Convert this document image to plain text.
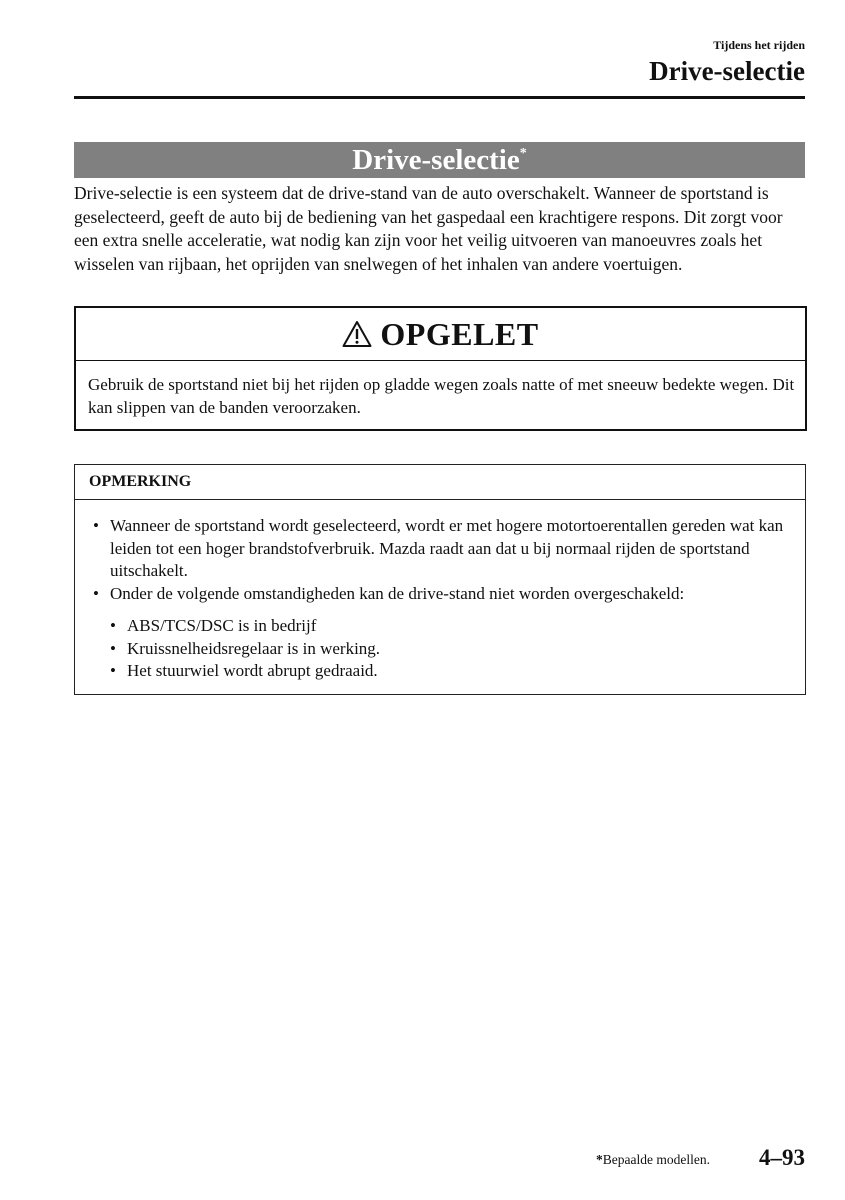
Tijdens het rijden
Drive-selectie
Drive-selectie*

Drive-selectie is een systeem dat de drive-stand van de auto overschakelt. Wanneer de sportstand is geselecteerd, geeft de auto bij de bediening van het gaspedaal een krachtigere respons. Dit zorgt voor een extra snelle acceleratie, wat nodig kan zijn voor het veilig uitvoeren van manoeuvres zoals het wisselen van rijbaan, het oprijden van snelwegen of het inhalen van andere voertuigen.

OPGELET
Gebruik de sportstand niet bij het rijden op gladde wegen zoals natte of met sneeuw bedekte wegen. Dit kan slippen van de banden veroorzaken.
OPMERKING
• Wanneer de sportstand wordt geselecteerd, wordt er met hogere motortoerentallen gereden wat kan leiden tot een hoger brandstofverbruik. Mazda raadt aan dat u bij normaal rijden de sportstand uitschakelt.
• Onder de volgende omstandigheden kan de drive-stand niet worden overgeschakeld:
• ABS/TCS/DSC is in bedrijf
• Kruissnelheidsregelaar is in werking.
• Het stuurwiel wordt abrupt gedraaid.
*Bepaalde modellen. 4–93
